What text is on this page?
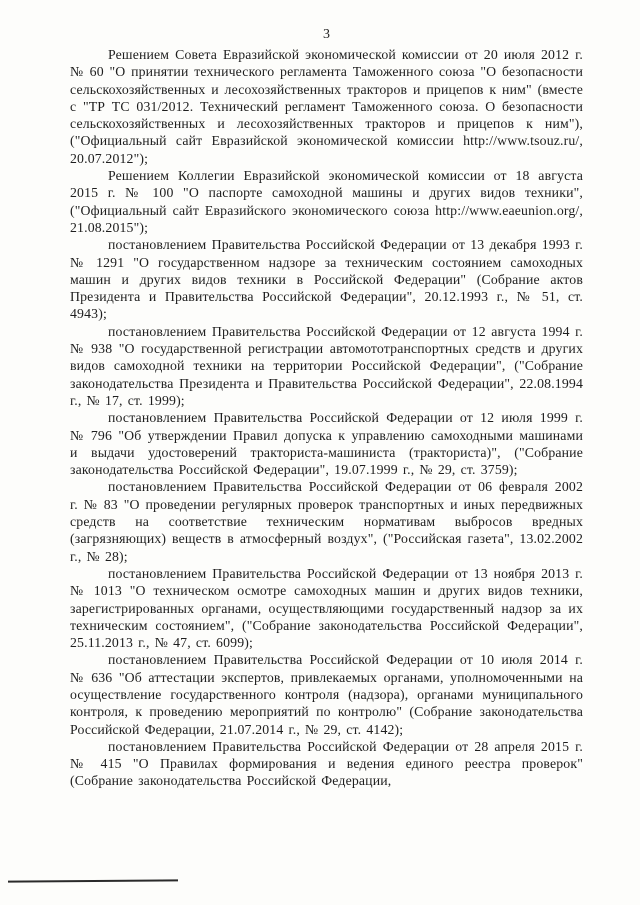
3

Решением Совета Евразийской экономической комиссии от 20 июля 2012 г. № 60 "О принятии технического регламента Таможенного союза "О безопасности сельскохозяйственных и лесохозяйственных тракторов и прицепов к ним" (вместе с "ТР ТС 031/2012. Технический регламент Таможенного союза. О безопасности сельскохозяйственных и лесохозяйственных тракторов и прицепов к ним"), ("Официальный сайт Евразийской экономической комиссии http://www.tsouz.ru/, 20.07.2012");

Решением Коллегии Евразийской экономической комиссии от 18 августа 2015 г. № 100 "О паспорте самоходной машины и других видов техники", ("Официальный сайт Евразийского экономического союза http://www.eaeunion.org/, 21.08.2015");

постановлением Правительства Российской Федерации от 13 декабря 1993 г. № 1291 "О государственном надзоре за техническим состоянием самоходных машин и других видов техники в Российской Федерации" (Собрание актов Президента и Правительства Российской Федерации", 20.12.1993 г., № 51, ст. 4943);

постановлением Правительства Российской Федерации от 12 августа 1994 г. № 938 "О государственной регистрации автомототранспортных средств и других видов самоходной техники на территории Российской Федерации", ("Собрание законодательства Президента и Правительства Российской Федерации", 22.08.1994 г., № 17, ст. 1999);

постановлением Правительства Российской Федерации от 12 июля 1999 г. № 796 "Об утверждении Правил допуска к управлению самоходными машинами и выдачи удостоверений тракториста-машиниста (тракториста)", ("Собрание законодательства Российской Федерации", 19.07.1999 г., № 29, ст. 3759);

постановлением Правительства Российской Федерации от 06 февраля 2002 г. № 83 "О проведении регулярных проверок транспортных и иных передвижных средств на соответствие техническим нормативам выбросов вредных (загрязняющих) веществ в атмосферный воздух", ("Российская газета", 13.02.2002 г., № 28);

постановлением Правительства Российской Федерации от 13 ноября 2013 г. № 1013 "О техническом осмотре самоходных машин и других видов техники, зарегистрированных органами, осуществляющими государственный надзор за их техническим состоянием", ("Собрание законодательства Российской Федерации", 25.11.2013 г., № 47, ст. 6099);

постановлением Правительства Российской Федерации от 10 июля 2014 г. № 636 "Об аттестации экспертов, привлекаемых органами, уполномоченными на осуществление государственного контроля (надзора), органами муниципального контроля, к проведению мероприятий по контролю" (Собрание законодательства Российской Федерации, 21.07.2014 г., № 29, ст. 4142);

постановлением Правительства Российской Федерации от 28 апреля 2015 г. № 415 "О Правилах формирования и ведения единого реестра проверок" (Собрание законодательства Российской Федерации,
